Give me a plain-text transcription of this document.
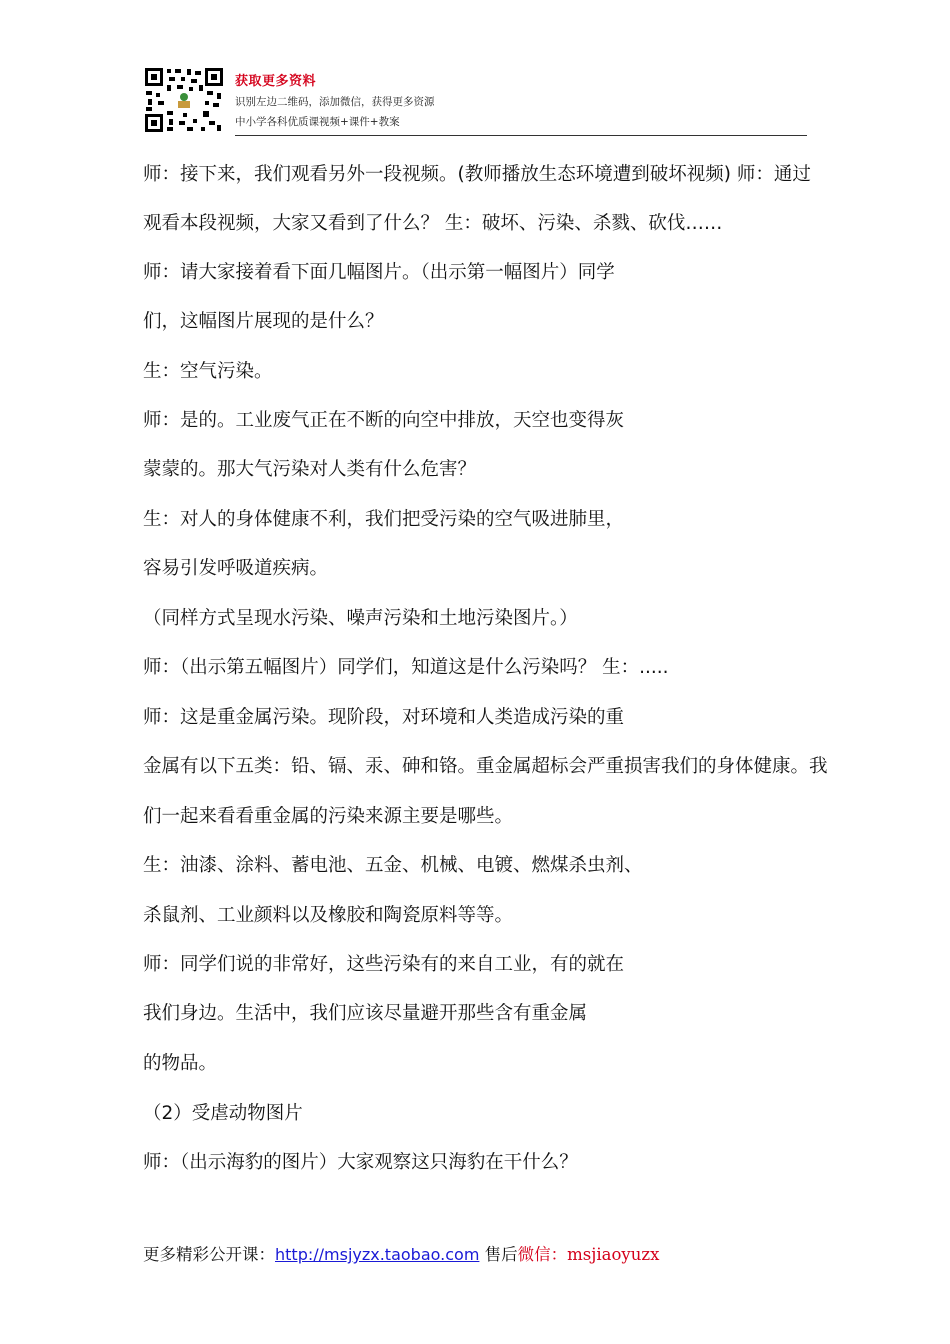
获取更多资料
识别左边二维码，添加微信，获得更多资源
中小学各科优质课视频+课件+教案
师：接下来，我们观看另外一段视频。(教师播放生态环境遭到破坏视频) 师：通过
观看本段视频，大家又看到了什么？ 生：破坏、污染、杀戮、砍伐……
师：请大家接着看下面几幅图片。（出示第一幅图片）同学
们，这幅图片展现的是什么？
生：空气污染。
师：是的。工业废气正在不断的向空中排放，天空也变得灰
蒙蒙的。那大气污染对人类有什么危害？
生：对人的身体健康不利，我们把受污染的空气吸进肺里，
容易引发呼吸道疾病。
（同样方式呈现水污染、噪声污染和土地污染图片。）
师：（出示第五幅图片）同学们，知道这是什么污染吗？ 生：.....
师：这是重金属污染。现阶段，对环境和人类造成污染的重
金属有以下五类：铅、镉、汞、砷和铬。重金属超标会严重损害我们的身体健康。我
们一起来看看重金属的污染来源主要是哪些。
生：油漆、涂料、蓄电池、五金、机械、电镀、燃煤杀虫剂、
杀鼠剂、工业颜料以及橡胶和陶瓷原料等等。
师：同学们说的非常好，这些污染有的来自工业，有的就在
我们身边。生活中，我们应该尽量避开那些含有重金属
的物品。
（2）受虐动物图片
师：（出示海豹的图片）大家观察这只海豹在干什么？
更多精彩公开课：http://msjyzx.taobao.com 售后微信：msjiaoyuzx
